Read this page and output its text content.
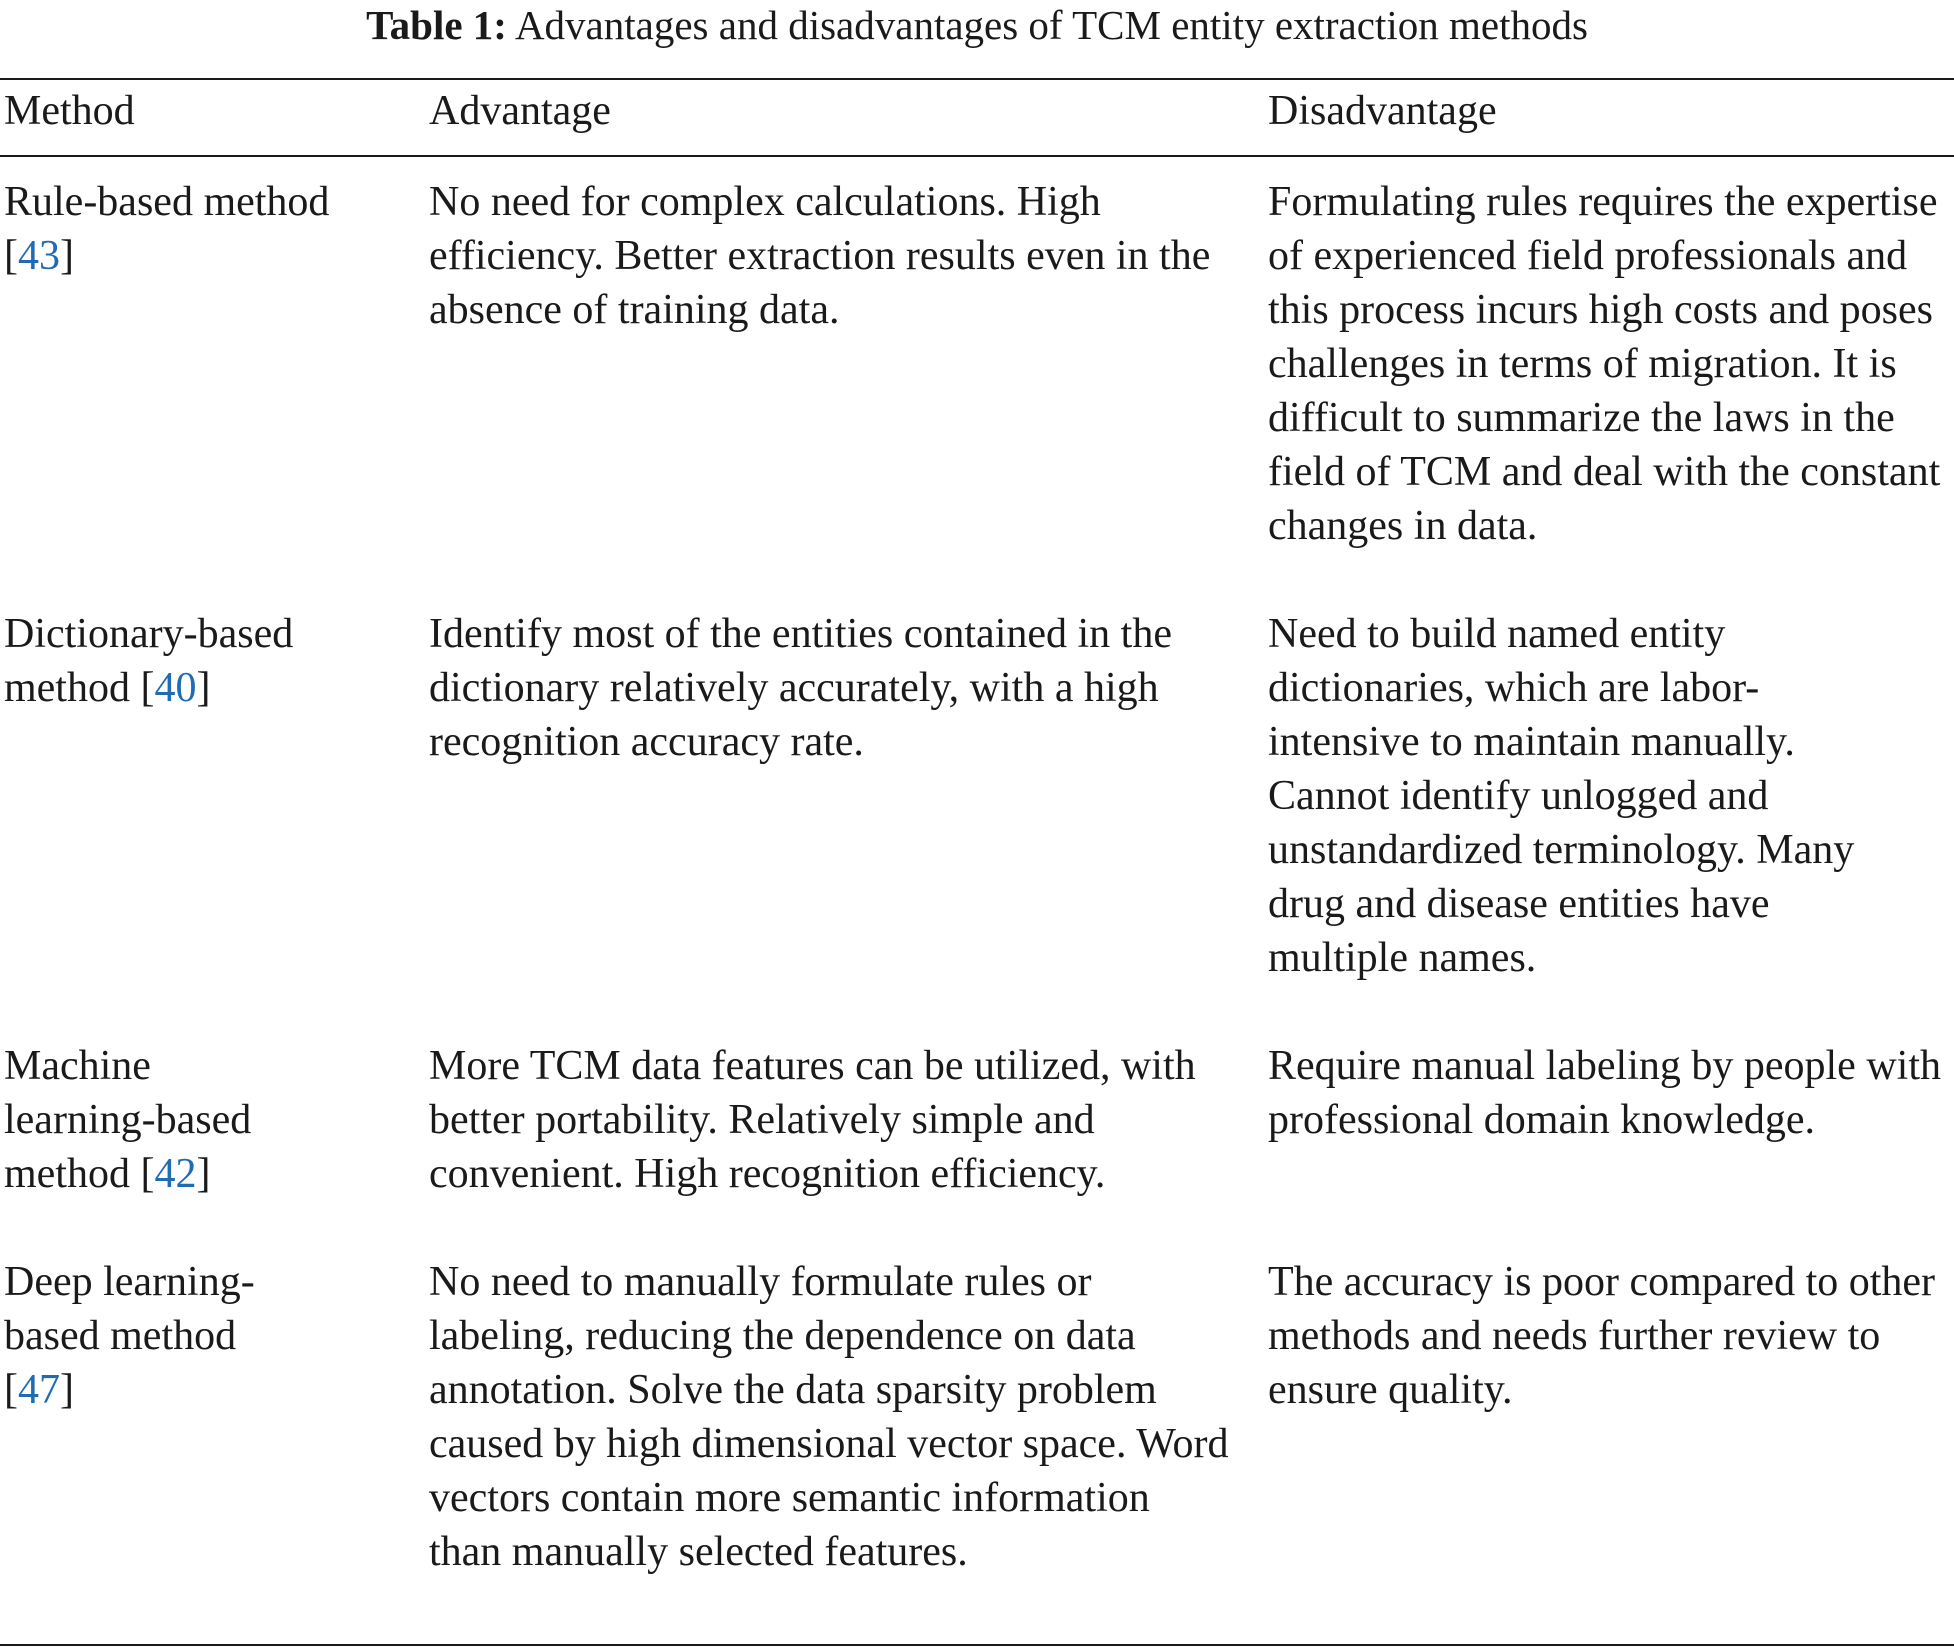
Table 1: Advantages and disadvantages of TCM entity extraction methods
Method	Advantage	Disadvantage
Rule-based method [43]
No need for complex calculations. High efficiency. Better extraction results even in the absence of training data.
Formulating rules requires the expertise of experienced field professionals and this process incurs high costs and poses challenges in terms of migration. It is difficult to summarize the laws in the field of TCM and deal with the constant changes in data.
Dictionary-based method [40]
Identify most of the entities contained in the dictionary relatively accurately, with a high recognition accuracy rate.
Need to build named entity dictionaries, which are labor-intensive to maintain manually. Cannot identify unlogged and unstandardized terminology. Many drug and disease entities have multiple names.
Machine learning-based method [42]
More TCM data features can be utilized, with better portability. Relatively simple and convenient. High recognition efficiency.
Require manual labeling by people with professional domain knowledge.
Deep learning-based method [47]
No need to manually formulate rules or labeling, reducing the dependence on data annotation. Solve the data sparsity problem caused by high dimensional vector space. Word vectors contain more semantic information than manually selected features.
The accuracy is poor compared to other methods and needs further review to ensure quality.
